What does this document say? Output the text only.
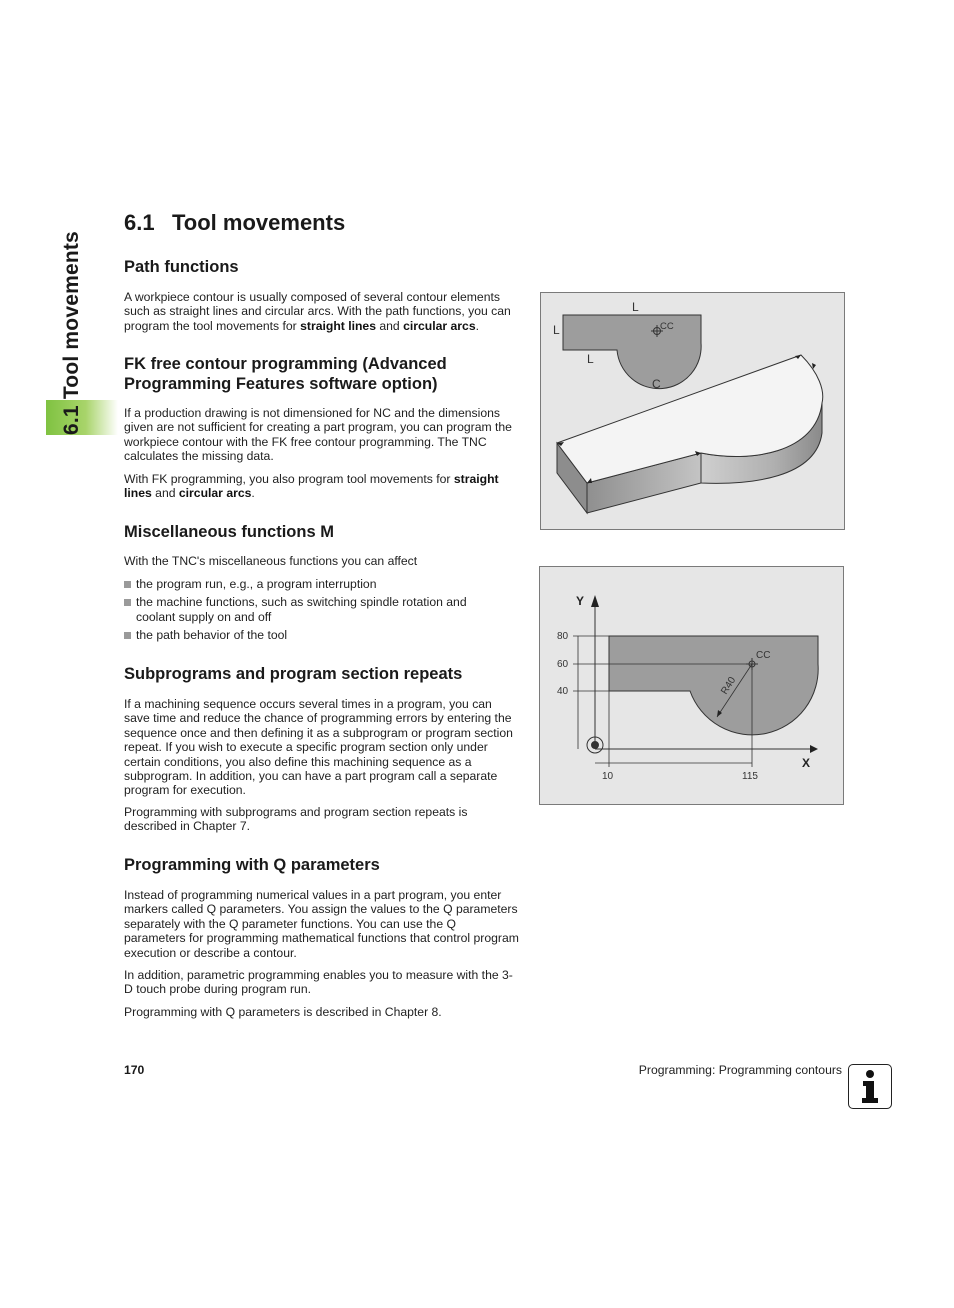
6.1 Tool movements
6.1 Tool movements
Path functions

A workpiece contour is usually composed of several contour elements such as straight lines and circular arcs. With the path functions, you can program the tool movements for straight lines and circular arcs.

FK free contour programming (Advanced
Programming Features software option)

If a production drawing is not dimensioned for NC and the dimensions given are not sufficient for creating a part program, you can program the workpiece contour with the FK free contour programming. The TNC calculates the missing data.

With FK programming, you also program tool movements for straight lines and circular arcs.

Miscellaneous functions M

With the TNC's miscellaneous functions you can affect

the program run, e.g., a program interruption
the machine functions, such as switching spindle rotation and coolant supply on and off
the path behavior of the tool
Subprograms and program section repeats

If a machining sequence occurs several times in a program, you can save time and reduce the chance of programming errors by entering the sequence once and then defining it as a subprogram or program section repeat. If you wish to execute a specific program section only under certain conditions, you also define this machining sequence as a subprogram. In addition, you can have a part program call a separate program for execution.

Programming with subprograms and program section repeats is described in Chapter 7.

Programming with Q parameters

Instead of programming numerical values in a part program, you enter markers called Q parameters. You assign the values to the Q parameters separately with the Q parameter functions. You can use the Q parameters for programming mathematical functions that control program execution or describe a contour.

In addition, parametric programming enables you to measure with the 3-D touch probe during program run.

Programming with Q parameters is described in Chapter 8.

L
L
L
CC
C
Y
X
80
60
40
10	115
CC
R40
170	Programming: Programming contours
